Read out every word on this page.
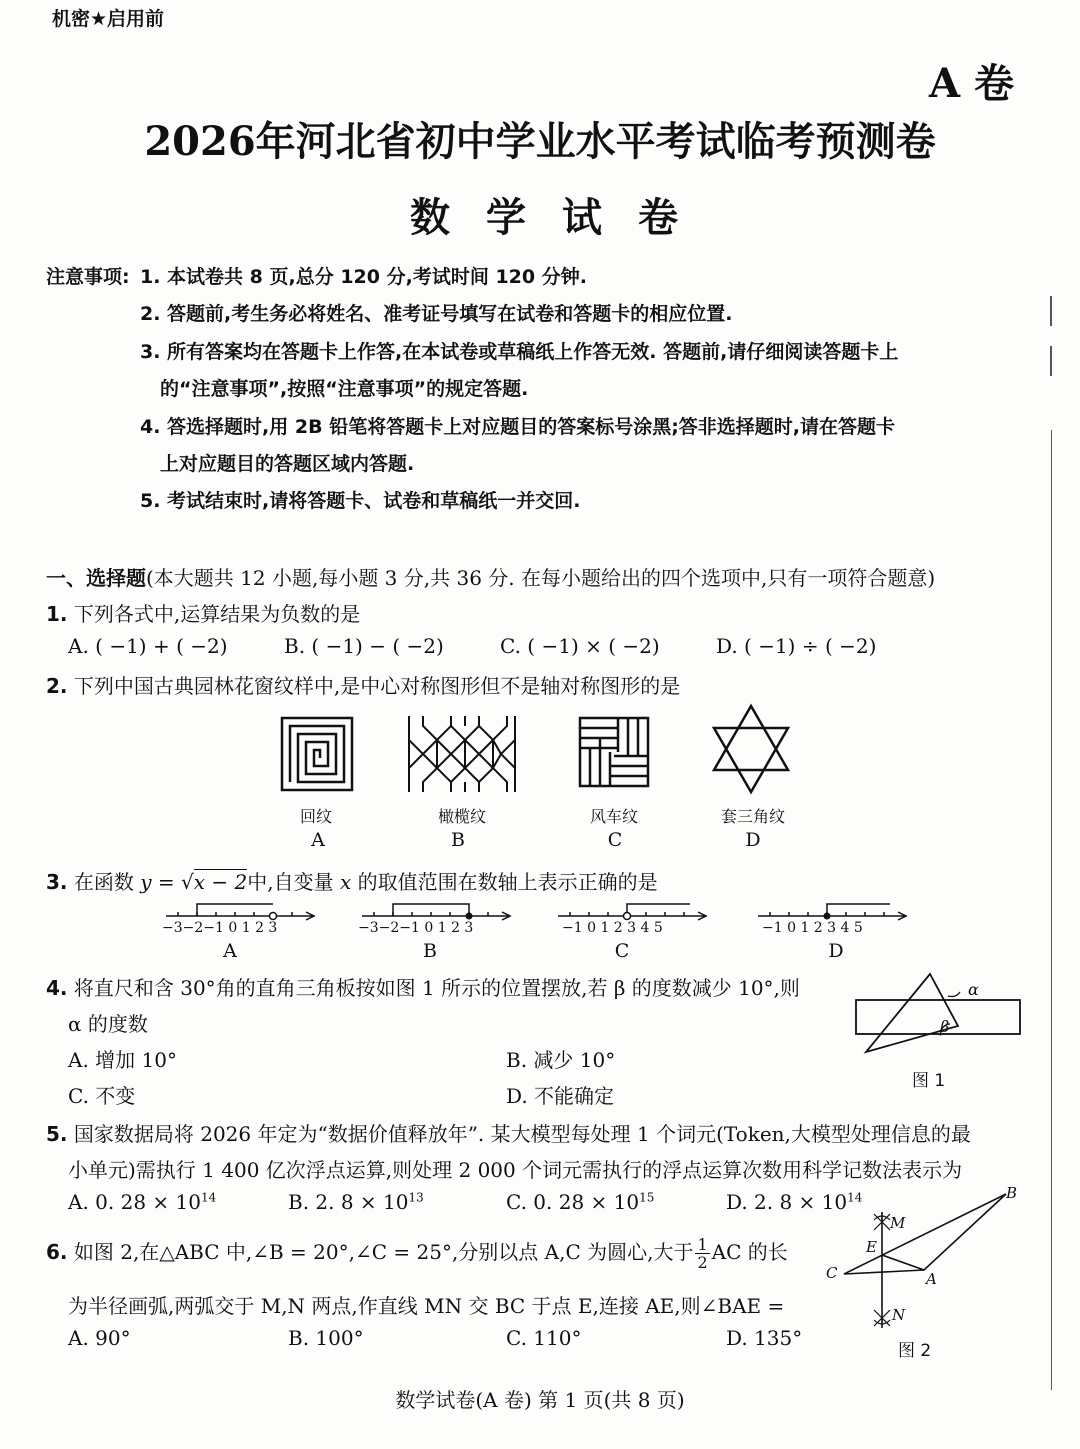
机密★启用前
A 卷
2026年河北省初中学业水平考试临考预测卷
数学试卷
注意事项: 1. 本试卷共 8 页,总分 120 分,考试时间 120 分钟.
2. 答题前,考生务必将姓名、准考证号填写在试卷和答题卡的相应位置.
3. 所有答案均在答题卡上作答,在本试卷或草稿纸上作答无效. 答题前,请仔细阅读答题卡上
的“注意事项”,按照“注意事项”的规定答题.
4. 答选择题时,用 2B 铅笔将答题卡上对应题目的答案标号涂黑;答非选择题时,请在答题卡
上对应题目的答题区域内答题.
5. 考试结束时,请将答题卡、试卷和草稿纸一并交回.
一、选择题(本大题共 12 小题,每小题 3 分,共 36 分. 在每小题给出的四个选项中,只有一项符合题意)
1. 下列各式中,运算结果为负数的是
A. ( −1) + ( −2)	B. ( −1) − ( −2)	C. ( −1) × ( −2)	D. ( −1) ÷ ( −2)
2. 下列中国古典园林花窗纹样中,是中心对称图形但不是轴对称图形的是
回纹	橄榄纹	风车纹	套三角纹
A	B	C	D
3. 在函数 y = √x − 2中,自变量 x 的取值范围在数轴上表示正确的是
−3−2−1 0 1 2 3	−3−2−1 0 1 2 3	−1 0 1 2 3 4 5	−1 0 1 2 3 4 5
A	B	C	D
4. 将直尺和含 30°角的直角三角板按如图 1 所示的位置摆放,若 β 的度数减少 10°,则
α 的度数
A. 增加 10°	B. 减少 10°
C. 不变	D. 不能确定
α
β
图 1
5. 国家数据局将 2026 年定为“数据价值释放年”. 某大模型每处理 1 个词元(Token,大模型处理信息的最
小单元)需执行 1 400 亿次浮点运算,则处理 2 000 个词元需执行的浮点运算次数用科学记数法表示为
A. 0. $28 \times 10^{14}$	B. 2. $8 \times 10^{13}$	C. 0. $28 \times 10^{15}$	D. 2. $8 \times 10^{14}$
6. 如图 2,在△ABC 中,∠B = 20°,∠C = 25°,分别以点 A,C 为圆心,大于 $\frac{1}{2}$ AC 的长
为半径画弧,两弧交于 M,N 两点,作直线 MN 交 BC 于点 E,连接 AE,则∠BAE =
A. 90°	B. 100°	C. 110°	D. 135°
M
B
E
C	A
N
图 2
数学试卷(A 卷) 第 1 页(共 8 页)
